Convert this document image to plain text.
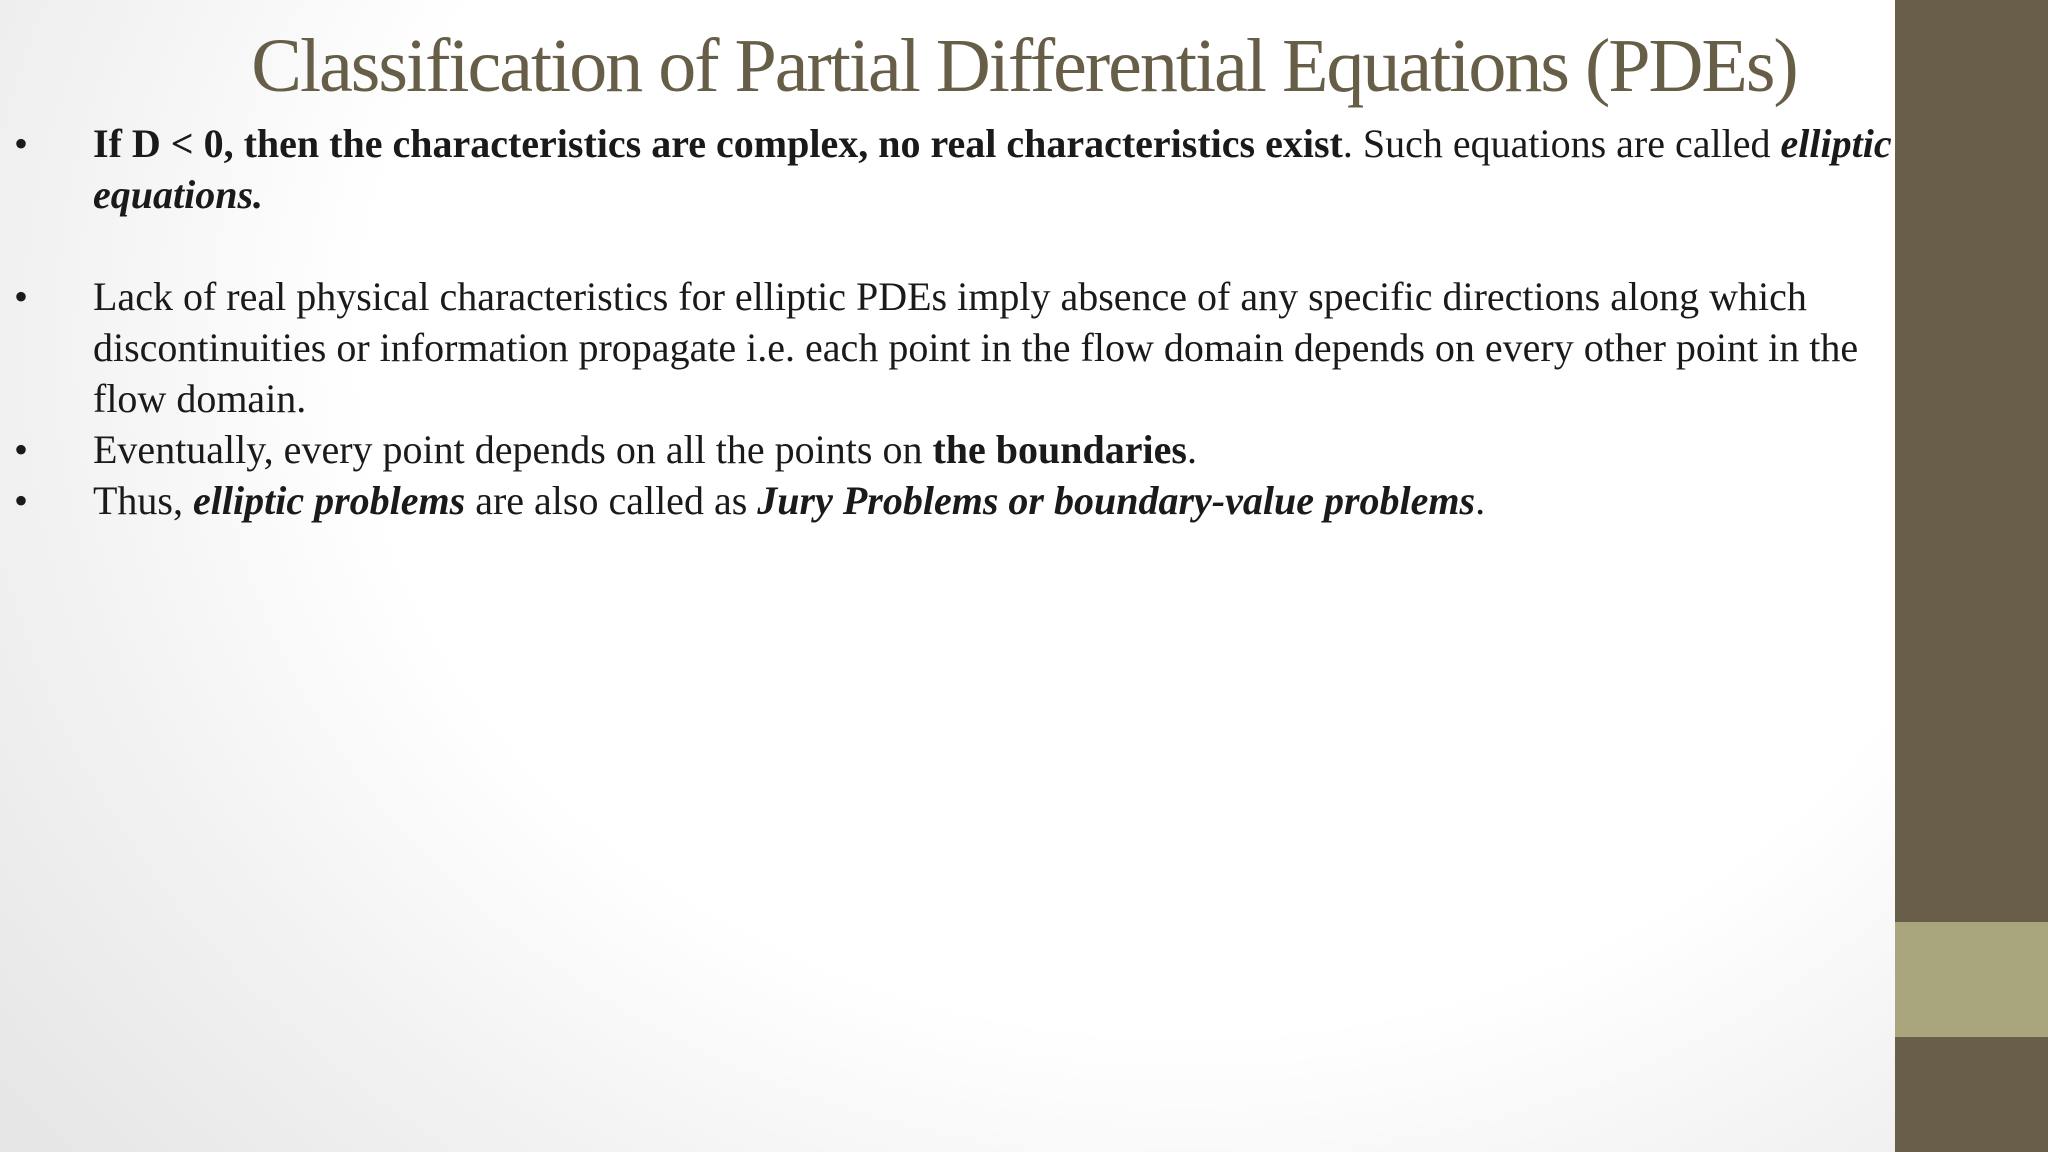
Classification of Partial Differential Equations (PDEs)
• If D < 0, then the characteristics are complex, no real characteristics exist. Such equations are called elliptic equations.
• Lack of real physical characteristics for elliptic PDEs imply absence of any specific directions along which discontinuities or information propagate i.e. each point in the flow domain depends on every other point in the flow domain.
• Eventually, every point depends on all the points on the boundaries.
• Thus, elliptic problems are also called as Jury Problems or boundary-value problems.
